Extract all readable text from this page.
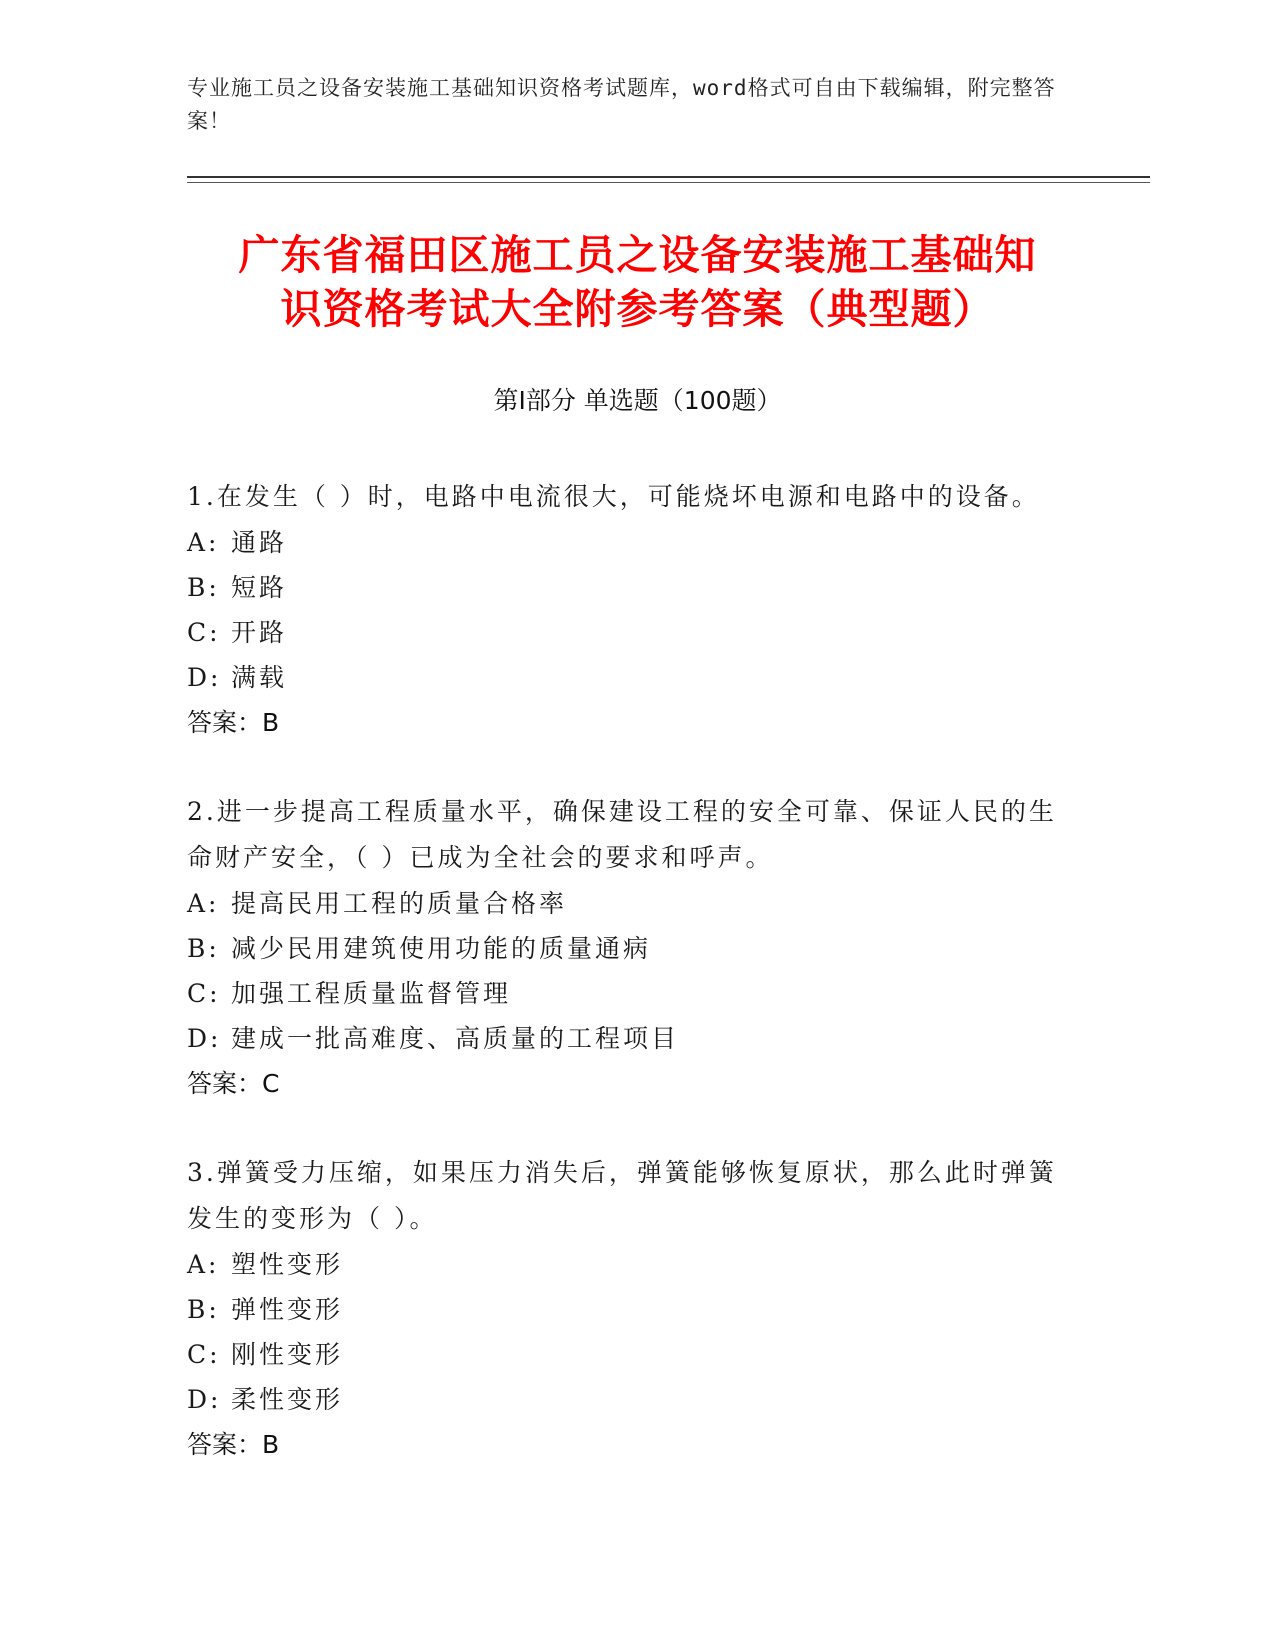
专业施工员之设备安装施工基础知识资格考试题库，word格式可自由下载编辑，附完整答案！
广东省福田区施工员之设备安装施工基础知
识资格考试大全附参考答案（典型题）
第Ⅰ部分 单选题（100题）
1.在发生（ ）时，电路中电流很大，可能烧坏电源和电路中的设备。
A: 通路
B: 短路
C: 开路
D: 满载
答案：B
2.进一步提高工程质量水平，确保建设工程的安全可靠、保证人民的生命财产安全，（ ）已成为全社会的要求和呼声。
A: 提高民用工程的质量合格率
B: 减少民用建筑使用功能的质量通病
C: 加强工程质量监督管理
D: 建成一批高难度、高质量的工程项目
答案：C
3.弹簧受力压缩，如果压力消失后，弹簧能够恢复原状，那么此时弹簧发生的变形为（ ）。
A: 塑性变形
B: 弹性变形
C: 刚性变形
D: 柔性变形
答案：B
